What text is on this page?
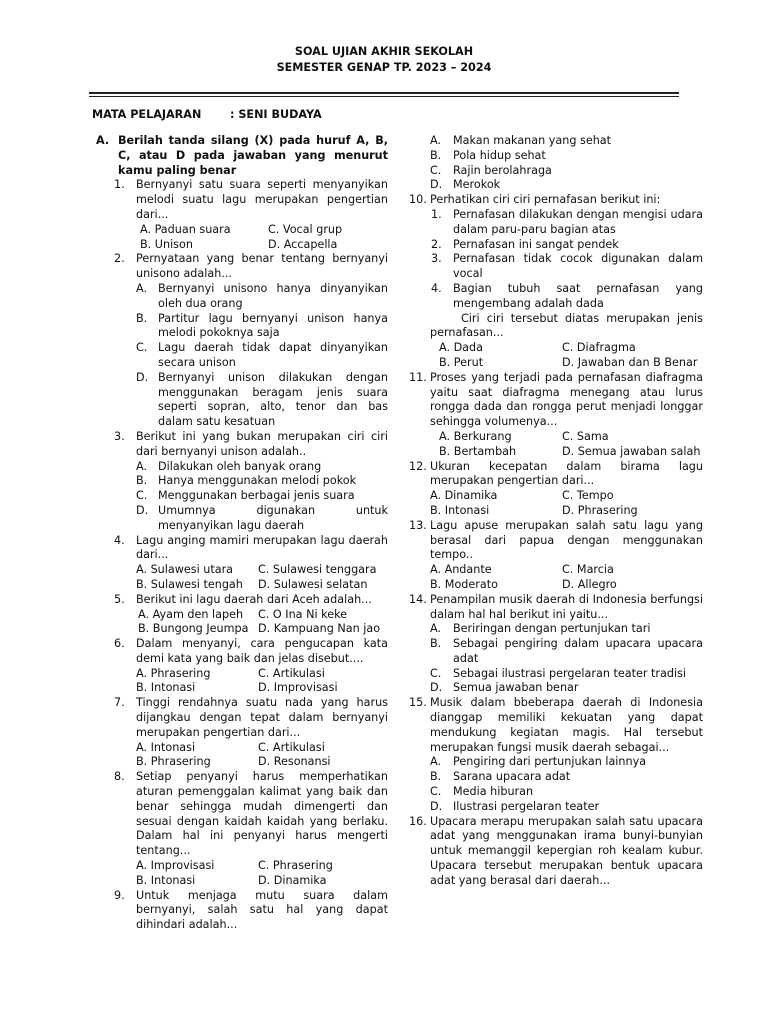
SOAL UJIAN AKHIR SEKOLAH
SEMESTER GENAP TP. 2023 – 2024
MATA PELAJARAN	: SENI BUDAYA
A. Berilah tanda silang (X) pada huruf A, B, C, atau D pada jawaban yang menurut kamu paling benar
1. Bernyanyi satu suara seperti menyanyikan melodi suatu lagu merupakan pengertian dari...
A. Paduan suara	C. Vocal grup
B. Unison	D. Accapella
2. Pernyataan yang benar tentang bernyanyi unisono adalah...
A. Bernyanyi unisono hanya dinyanyikan oleh dua orang
B. Partitur lagu bernyanyi unison hanya melodi pokoknya saja
C. Lagu daerah tidak dapat dinyanyikan secara unison
D. Bernyanyi unison dilakukan dengan menggunakan beragam jenis suara seperti sopran, alto, tenor dan bas dalam satu kesatuan
3. Berikut ini yang bukan merupakan ciri ciri dari bernyanyi unison adalah..
A. Dilakukan oleh banyak orang
B. Hanya menggunakan melodi pokok
C. Menggunakan berbagai jenis suara
D. Umumnya digunakan untuk menyanyikan lagu daerah
4. Lagu anging mamiri merupakan lagu daerah dari...
A. Sulawesi utara C. Sulawesi tenggara
B. Sulawesi tengah D. Sulawesi selatan
5. Berikut ini lagu daerah dari Aceh adalah...
A. Ayam den lapeh C. O Ina Ni keke
B. Bungong Jeumpa D. Kampuang Nan jao
6. Dalam menyanyi, cara pengucapan kata demi kata yang baik dan jelas disebut....
A. Phrasering	C. Artikulasi
B. Intonasi	D. Improvisasi
7. Tinggi rendahnya suatu nada yang harus dijangkau dengan tepat dalam bernyanyi merupakan pengertian dari...
A. Intonasi	C. Artikulasi
B. Phrasering	D. Resonansi
8. Setiap penyanyi harus memperhatikan aturan pemenggalan kalimat yang baik dan benar sehingga mudah dimengerti dan sesuai dengan kaidah kaidah yang berlaku. Dalam hal ini penyanyi harus mengerti tentang...
A. Improvisasi	C. Phrasering
B. Intonasi	D. Dinamika
9. Untuk menjaga mutu suara dalam bernyanyi, salah satu hal yang dapat dihindari adalah...
A. Makan makanan yang sehat
B. Pola hidup sehat
C. Rajin berolahraga
D. Merokok
10. Perhatikan ciri ciri pernafasan berikut ini:
1. Pernafasan dilakukan dengan mengisi udara dalam paru-paru bagian atas
2. Pernafasan ini sangat pendek
3. Pernafasan tidak cocok digunakan dalam vocal
4. Bagian tubuh saat pernafasan yang mengembang adalah dada
Ciri ciri tersebut diatas merupakan jenis pernafasan...
A. Dada	C. Diafragma
B. Perut	D. Jawaban dan B Benar
11. Proses yang terjadi pada pernafasan diafragma yaitu saat diafragma menegang atau lurus rongga dada dan rongga perut menjadi longgar sehingga volumenya...
A. Berkurang	C. Sama
B. Bertambah	D. Semua jawaban salah
12. Ukuran kecepatan dalam birama lagu merupakan pengertian dari...
A. Dinamika	C. Tempo
B. Intonasi	D. Phrasering
13. Lagu apuse merupakan salah satu lagu yang berasal dari papua dengan menggunakan tempo..
A. Andante	C. Marcia
B. Moderato	D. Allegro
14. Penampilan musik daerah di Indonesia berfungsi dalam hal hal berikut ini yaitu...
A. Beriringan dengan pertunjukan tari
B. Sebagai pengiring dalam upacara upacara adat
C. Sebagai ilustrasi pergelaran teater tradisi
D. Semua jawaban benar
15. Musik dalam bbeberapa daerah di Indonesia dianggap memiliki kekuatan yang dapat mendukung kegiatan magis. Hal tersebut merupakan fungsi musik daerah sebagai...
A. Pengiring dari pertunjukan lainnya
B. Sarana upacara adat
C. Media hiburan
D. Ilustrasi pergelaran teater
16. Upacara merapu merupakan salah satu upacara adat yang menggunakan irama bunyi-bunyian untuk memanggil kepergian roh kealam kubur. Upacara tersebut merupakan bentuk upacara adat yang berasal dari daerah...
